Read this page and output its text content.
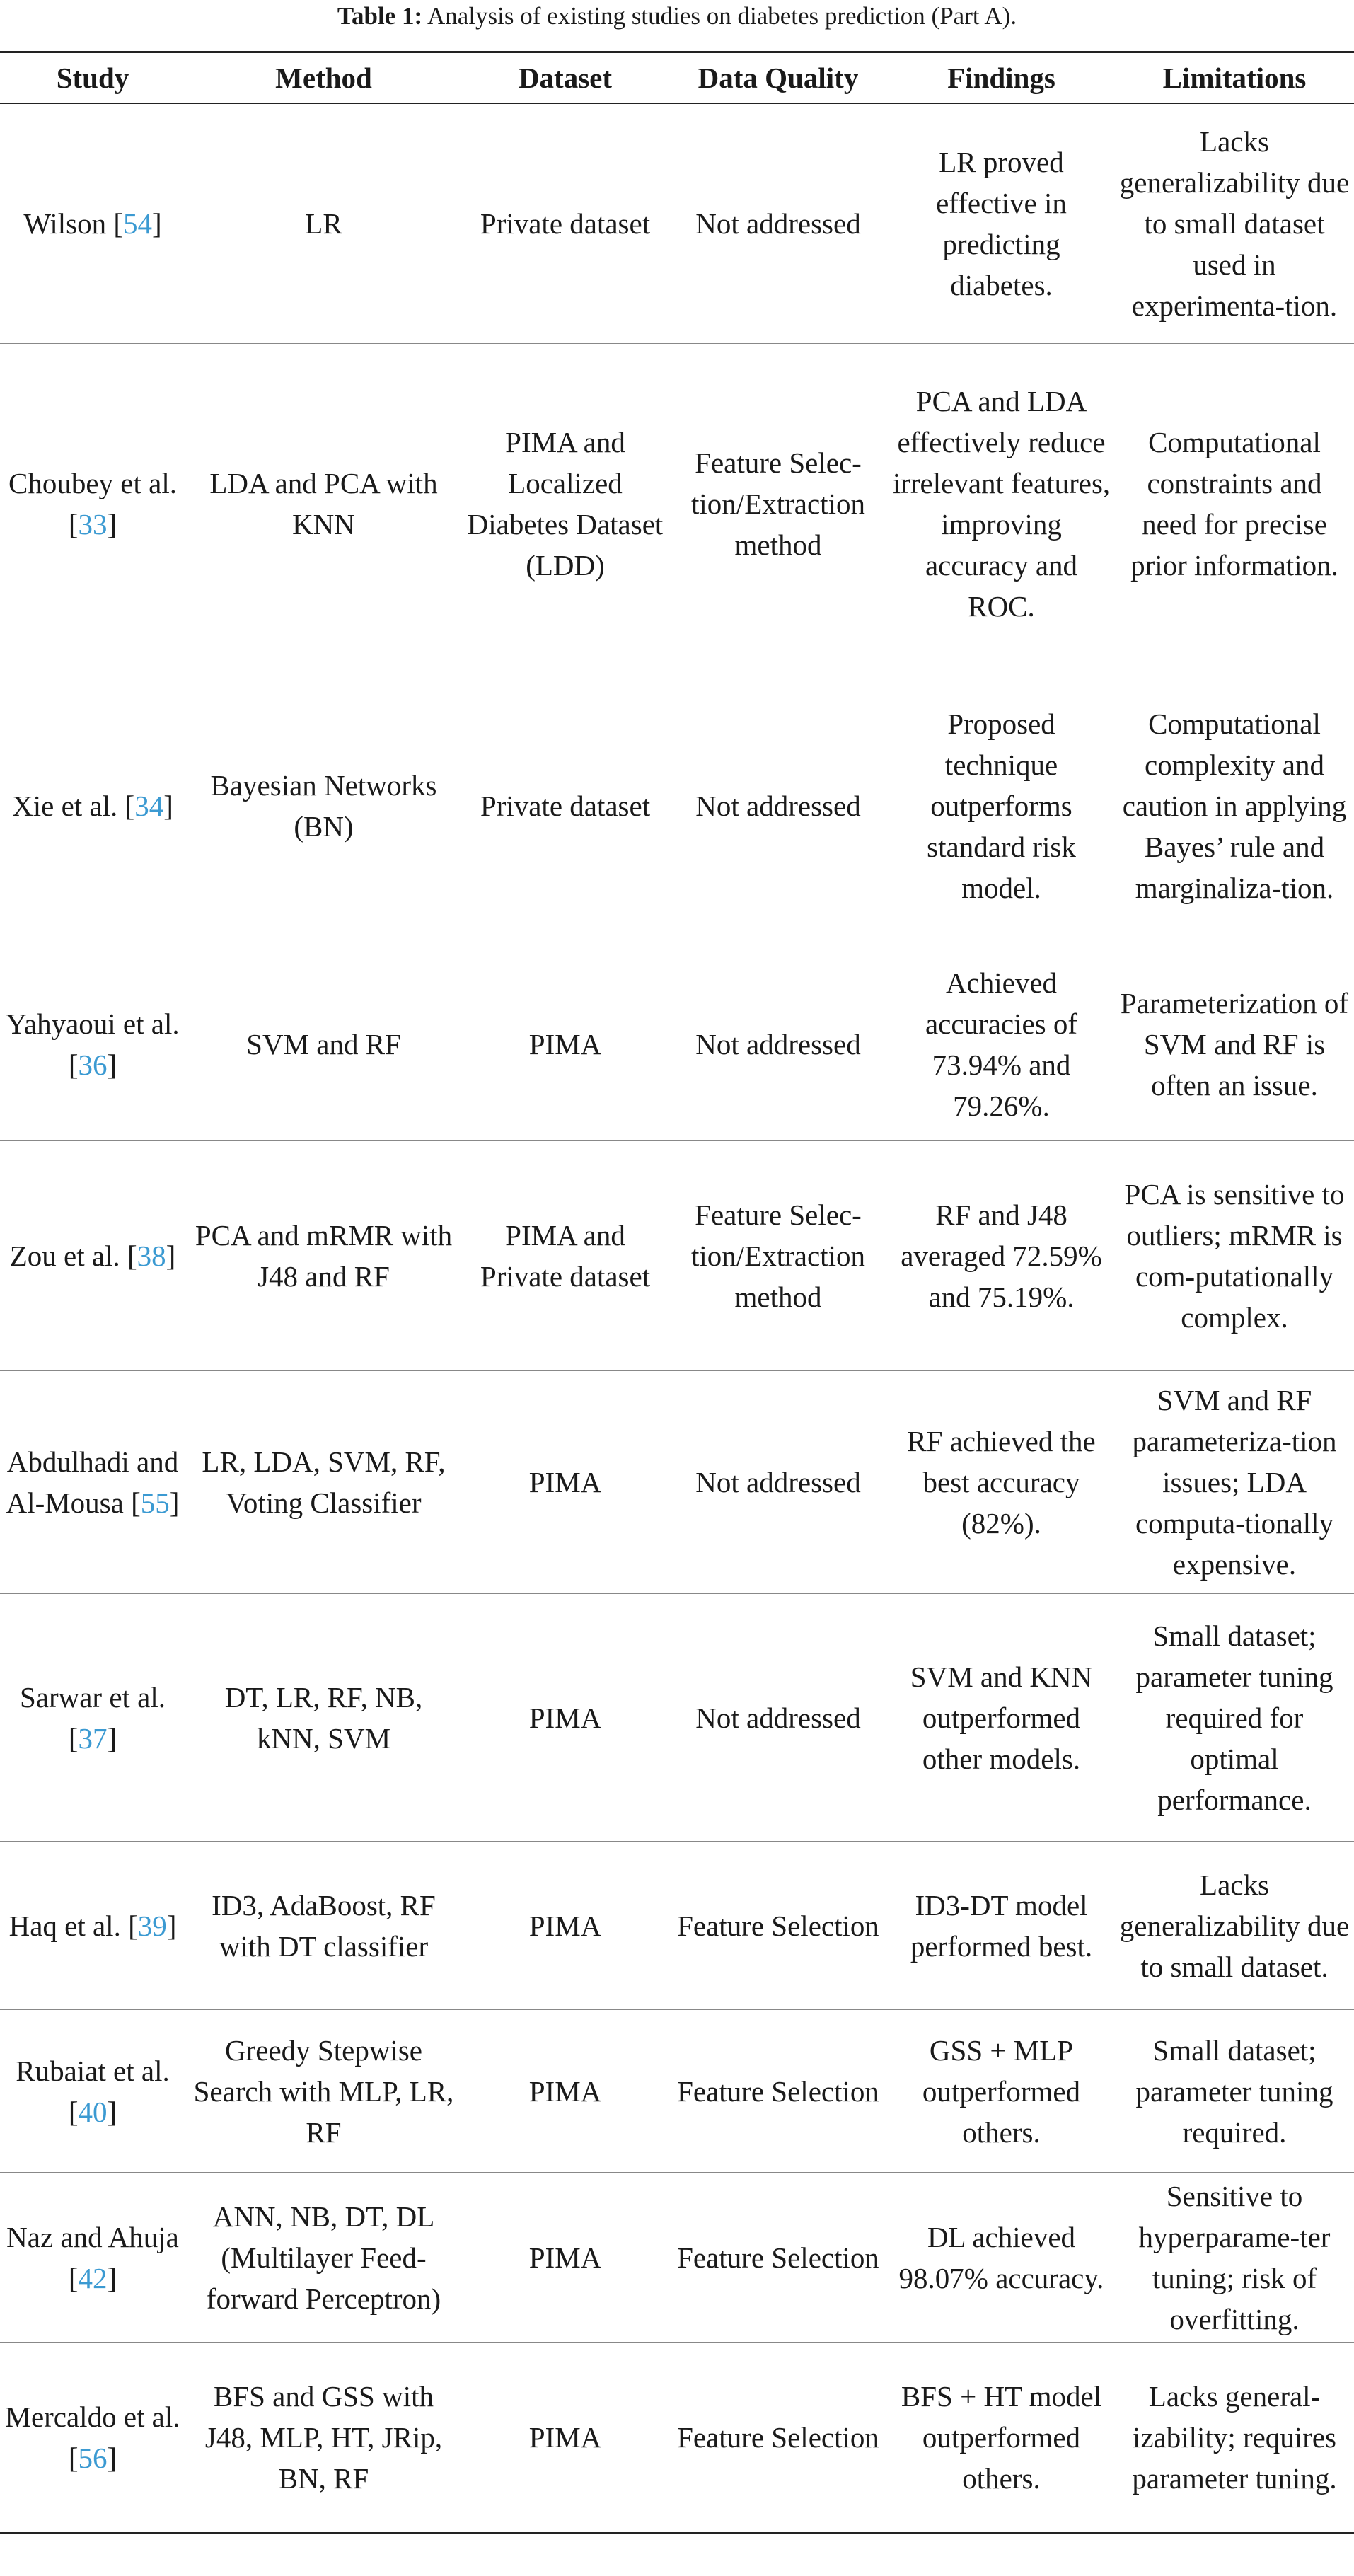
Table 1: Analysis of existing studies on diabetes prediction (Part A).
Study	Method	Dataset	Data Quality	Findings	Limitations
Wilson [54]	LR	Private dataset	Not addressed	LR proved effective in predicting diabetes.	Lacks generalizability due to small dataset used in experimenta-tion.
Choubey et al. [33]	LDA and PCA with KNN	PIMA and Localized Diabetes Dataset (LDD)	Feature Selec-tion/Extraction method	PCA and LDA effectively reduce irrelevant features, improving accuracy and ROC.	Computational constraints and need for precise prior information.
Xie et al. [34]	Bayesian Networks (BN)	Private dataset	Not addressed	Proposed technique outperforms standard risk model.	Computational complexity and caution in applying Bayes’ rule and marginaliza-tion.
Yahyaoui et al. [36]	SVM and RF	PIMA	Not addressed	Achieved accuracies of 73.94% and 79.26%.	Parameterization of SVM and RF is often an issue.
Zou et al. [38]	PCA and mRMR with J48 and RF	PIMA and Private dataset	Feature Selec-tion/Extraction method	RF and J48 averaged 72.59% and 75.19%.	PCA is sensitive to outliers; mRMR is com-putationally complex.
Abdulhadi and Al-Mousa [55]	LR, LDA, SVM, RF, Voting Classifier	PIMA	Not addressed	RF achieved the best accuracy (82%).	SVM and RF parameteriza-tion issues; LDA computa-tionally expensive.
Sarwar et al. [37]	DT, LR, RF, NB, kNN, SVM	PIMA	Not addressed	SVM and KNN outperformed other models.	Small dataset; parameter tuning required for optimal performance.
Haq et al. [39]	ID3, AdaBoost, RF with DT classifier	PIMA	Feature Selection	ID3-DT model performed best.	Lacks generalizability due to small dataset.
Rubaiat et al. [40]	Greedy Stepwise Search with MLP, LR, RF	PIMA	Feature Selection	GSS + MLP outperformed others.	Small dataset; parameter tuning required.
Naz and Ahuja [42]	ANN, NB, DT, DL (Multilayer Feed-forward Perceptron)	PIMA	Feature Selection	DL achieved 98.07% accuracy.	Sensitive to hyperparame-ter tuning; risk of overfitting.
Mercaldo et al. [56]	BFS and GSS with J48, MLP, HT, JRip, BN, RF	PIMA	Feature Selection	BFS + HT model outperformed others.	Lacks general-izability; requires parameter tuning.
